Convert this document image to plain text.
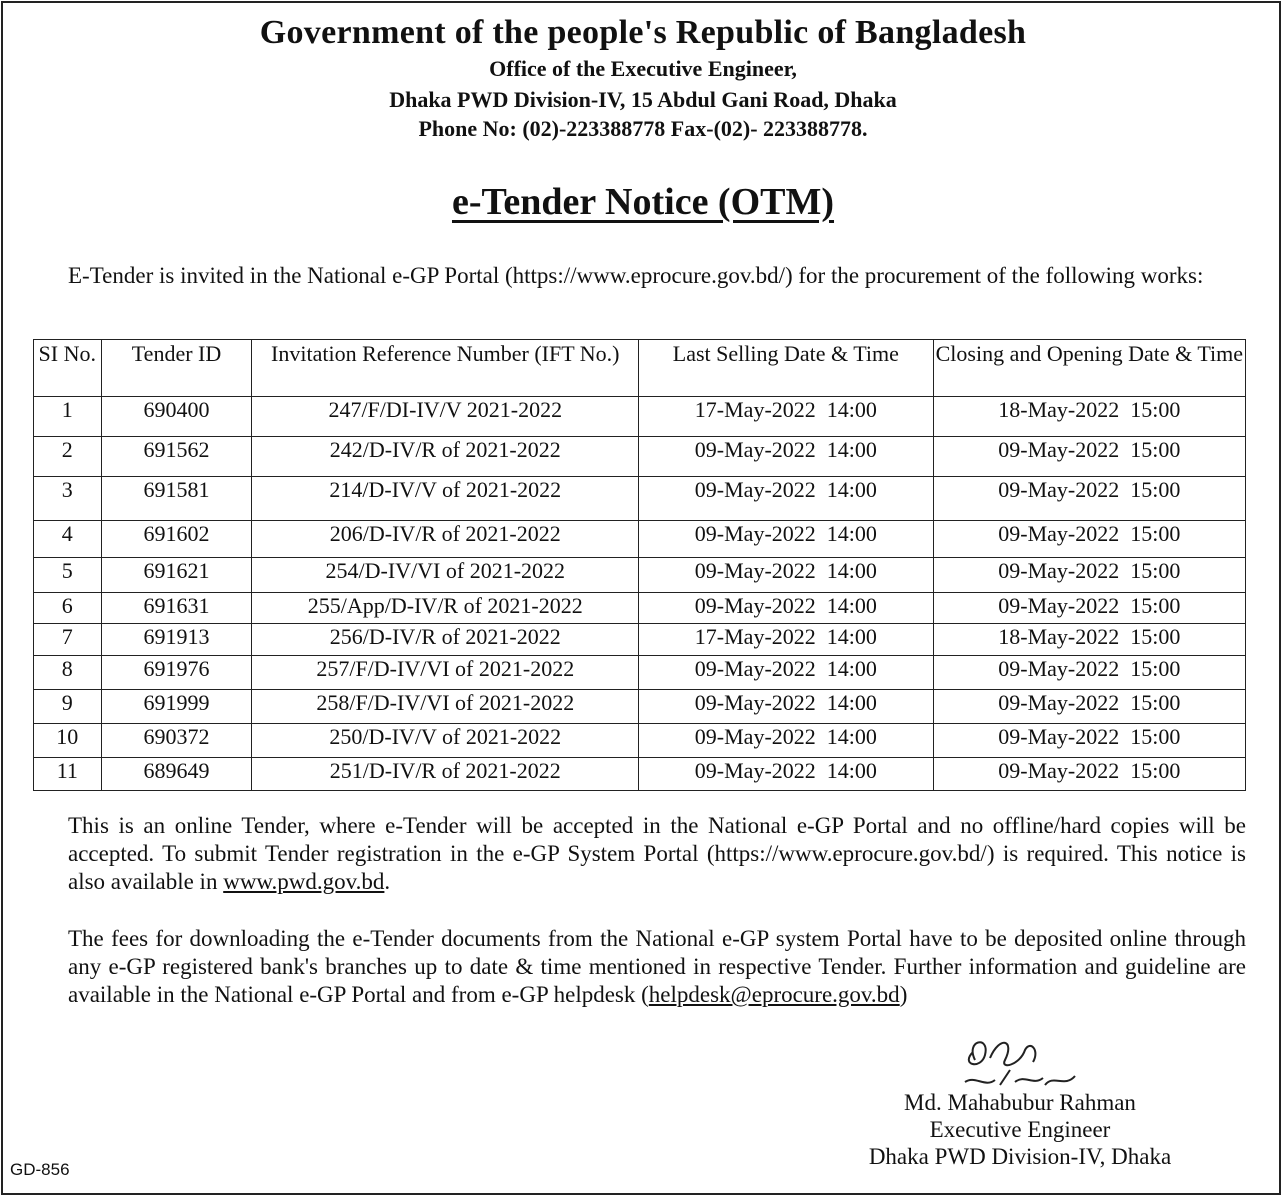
Government of the people's Republic of Bangladesh
Office of the Executive Engineer,
Dhaka PWD Division-IV, 15 Abdul Gani Road, Dhaka
Phone No: (02)-223388778 Fax-(02)- 223388778.
e-Tender Notice (OTM)
E-Tender is invited in the National e-GP Portal (https://www.eprocure.gov.bd/) for the procurement of the following works:
SI No.	Tender ID	Invitation Reference Number (IFT No.)	Last Selling Date & Time	Closing and Opening Date & Time
1	690400	247/F/DI-IV/V 2021-2022	17-May-2022  14:00	18-May-2022  15:00
2	691562	242/D-IV/R of 2021-2022	09-May-2022  14:00	09-May-2022  15:00
3	691581	214/D-IV/V of 2021-2022	09-May-2022  14:00	09-May-2022  15:00
4	691602	206/D-IV/R of 2021-2022	09-May-2022  14:00	09-May-2022  15:00
5	691621	254/D-IV/VI of 2021-2022	09-May-2022  14:00	09-May-2022  15:00
6	691631	255/App/D-IV/R of 2021-2022	09-May-2022  14:00	09-May-2022  15:00
7	691913	256/D-IV/R of 2021-2022	17-May-2022  14:00	18-May-2022  15:00
8	691976	257/F/D-IV/VI of 2021-2022	09-May-2022  14:00	09-May-2022  15:00
9	691999	258/F/D-IV/VI of 2021-2022	09-May-2022  14:00	09-May-2022  15:00
10	690372	250/D-IV/V of 2021-2022	09-May-2022  14:00	09-May-2022  15:00
11	689649	251/D-IV/R of 2021-2022	09-May-2022  14:00	09-May-2022  15:00
This is an online Tender, where e-Tender will be accepted in the National e-GP Portal and no offline/hard copies will be accepted. To submit Tender registration in the e-GP System Portal (https://www.eprocure.gov.bd/) is required. This notice is also available in www.pwd.gov.bd.
The fees for downloading the e-Tender documents from the National e-GP system Portal have to be deposited online through any e-GP registered bank's branches up to date & time mentioned in respective Tender. Further information and guideline are available in the National e-GP Portal and from e-GP helpdesk (helpdesk@eprocure.gov.bd)
Md. Mahabubur Rahman
Executive Engineer
Dhaka PWD Division-IV, Dhaka
GD-856
